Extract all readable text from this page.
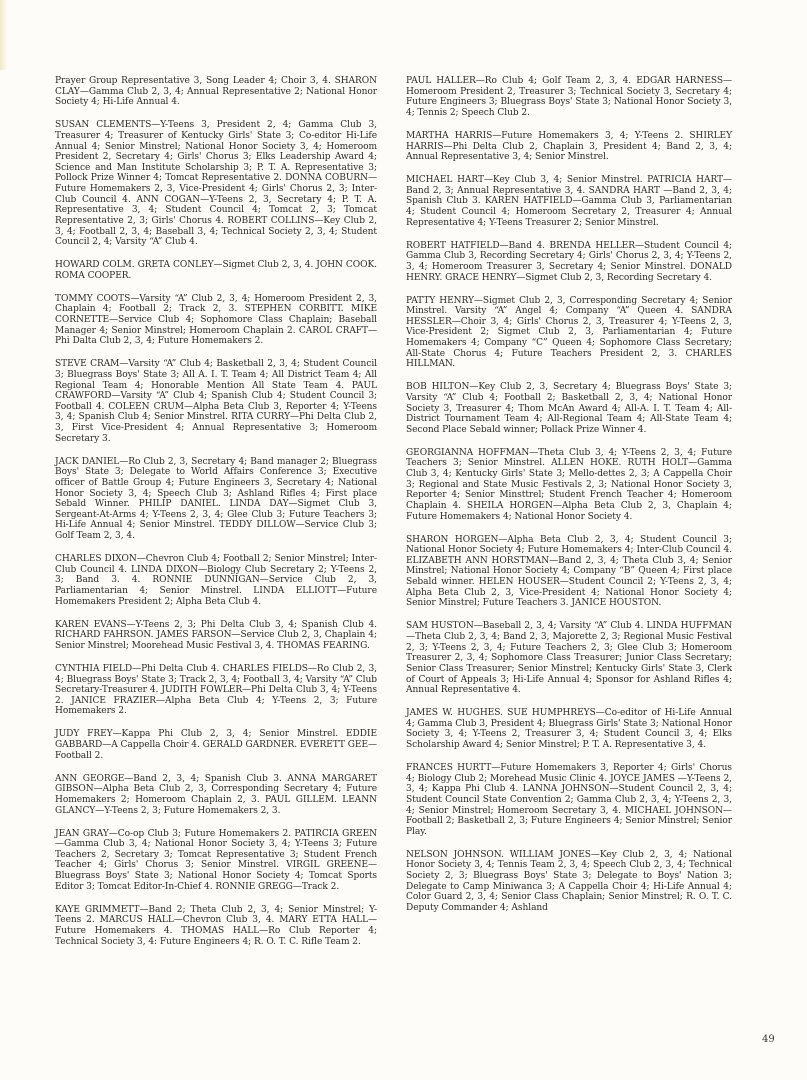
Prayer Group Representative 3, Song Leader 4; Choir 3, 4. SHARON CLAY—Gamma Club 2, 3, 4; Annual Representative 2; National Honor Society 4; Hi-Life Annual 4.

SUSAN CLEMENTS—Y-Teens 3, President 2, 4; Gamma Club 3, Treasurer 4; Treasurer of Kentucky Girls' State 3; Co-editor Hi-Life Annual 4; Senior Minstrel; National Honor Society 3, 4; Homeroom President 2, Secretary 4; Girls' Chorus 3; Elks Leadership Award 4; Science and Man Institute Scholarship 3; P. T. A. Representative 3; Pollock Prize Winner 4; Tomcat Representative 2. DONNA COBURN—Future Homemakers 2, 3, Vice-President 4; Girls' Chorus 2, 3; Inter-Club Council 4. ANN COGAN—Y-Teens 2, 3, Secretary 4; P. T. A. Representative 3, 4; Student Council 4; Tomcat 2, 3; Tomcat Representative 2, 3; Girls' Chorus 4. ROBERT COLLINS—Key Club 2, 3, 4; Football 2, 3, 4; Baseball 3, 4; Technical Society 2, 3, 4; Student Council 2, 4; Varsity “A” Club 4.

HOWARD COLM. GRETA CONLEY—Sigmet Club 2, 3, 4. JOHN COOK. ROMA COOPER.

TOMMY COOTS—Varsity “A” Club 2, 3, 4; Homeroom President 2, 3, Chaplain 4; Football 2; Track 2, 3. STEPHEN CORBITT. MIKE CORNETTE—Service Club 4; Sophomore Class Chaplain; Baseball Manager 4; Senior Minstrel; Homeroom Chaplain 2. CAROL CRAFT—Phi Dalta Club 2, 3, 4; Future Homemakers 2.

STEVE CRAM—Varsity “A” Club 4; Basketball 2, 3, 4; Student Council 3; Bluegrass Boys' State 3; All A. I. T. Team 4; All District Team 4; All Regional Team 4; Honorable Mention All State Team 4. PAUL CRAWFORD—Varsity “A” Club 4; Spanish Club 4; Student Council 3; Football 4. COLEEN CRUM—Alpha Beta Club 3, Reporter 4; Y-Teens 3, 4; Spanish Club 4; Senior Minstrel. RITA CURRY—Phi Delta Club 2, 3, First Vice-President 4; Annual Representative 3; Homeroom Secretary 3.

JACK DANIEL—Ro Club 2, 3, Secretary 4; Band manager 2; Bluegrass Boys' State 3; Delegate to World Affairs Conference 3; Executive officer of Battle Group 4; Future Engineers 3, Secretary 4; National Honor Society 3, 4; Speech Club 3; Ashland Rifles 4; First place Sebald Winner. PHILIP DANIEL. LINDA DAY—Sigmet Club 3, Sergeant-At-Arms 4; Y-Teens 2, 3, 4; Glee Club 3; Future Teachers 3; Hi-Life Annual 4; Senior Minstrel. TEDDY DILLOW—Service Club 3; Golf Team 2, 3, 4.

CHARLES DIXON—Chevron Club 4; Football 2; Senior Minstrel; Inter-Club Council 4. LINDA DIXON—Biology Club Secretary 2; Y-Teens 2, 3; Band 3. 4. RONNIE DUNNIGAN—Service Club 2, 3, Parliamentarian 4; Senior Minstrel. LINDA ELLIOTT—Future Homemakers President 2; Alpha Beta Club 4.

KAREN EVANS—Y-Teens 2, 3; Phi Delta Club 3, 4; Spanish Club 4. RICHARD FAHRSON. JAMES FARSON—Service Club 2, 3, Chaplain 4; Senior Minstrel; Moorehead Music Festival 3, 4. THOMAS FEARING.

CYNTHIA FIELD—Phi Delta Club 4. CHARLES FIELDS—Ro Club 2, 3, 4; Bluegrass Boys' State 3; Track 2, 3, 4; Football 3, 4; Varsity “A” Club Secretary-Treasurer 4. JUDITH FOWLER—Phi Delta Club 3, 4; Y-Teens 2. JANICE FRAZIER—Alpha Beta Club 4; Y-Teens 2, 3; Future Homemakers 2.

JUDY FREY—Kappa Phi Club 2, 3, 4; Senior Minstrel. EDDIE GABBARD—A Cappella Choir 4. GERALD GARDNER. EVERETT GEE—Football 2.

ANN GEORGE—Band 2, 3, 4; Spanish Club 3. ANNA MARGARET GIBSON—Alpha Beta Club 2, 3, Corresponding Secretary 4; Future Homemakers 2; Homeroom Chaplain 2, 3. PAUL GILLEM. LEANN GLANCY—Y-Teens 2, 3; Future Homemakers 2, 3.

JEAN GRAY—Co-op Club 3; Future Homemakers 2. PATIRCIA GREEN—Gamma Club 3, 4; National Honor Society 3, 4; Y-Teens 3; Future Teachers 2, Secretary 3; Tomcat Representative 3; Student French Teacher 4; Girls' Chorus 3; Senior Minstrel. VIRGIL GREENE—Bluegrass Boys' State 3; National Honor Society 4; Tomcat Sports Editor 3; Tomcat Editor-In-Chief 4. RONNIE GREGG—Track 2.

KAYE GRIMMETT—Band 2; Theta Club 2, 3, 4; Senior Minstrel; Y-Teens 2. MARCUS HALL—Chevron Club 3, 4. MARY ETTA HALL—Future Homemakers 4. THOMAS HALL—Ro Club Reporter 4; Technical Society 3, 4: Future Engineers 4; R. O. T. C. Rifle Team 2.

PAUL HALLER—Ro Club 4; Golf Team 2, 3, 4. EDGAR HARNESS—Homeroom President 2, Treasurer 3; Technical Society 3, Secretary 4; Future Engineers 3; Bluegrass Boys' State 3; National Honor Society 3, 4; Tennis 2; Speech Club 2.

MARTHA HARRIS—Future Homemakers 3, 4; Y-Teens 2. SHIRLEY HARRIS—Phi Delta Club 2, Chaplain 3, President 4; Band 2, 3, 4; Annual Representative 3, 4; Senior Minstrel.

MICHAEL HART—Key Club 3, 4; Senior Minstrel. PATRICIA HART—Band 2, 3; Annual Representative 3, 4. SANDRA HART —Band 2, 3, 4; Spanish Club 3. KAREN HATFIELD—Gamma Club 3, Parliamentarian 4; Student Council 4; Homeroom Secretary 2, Treasurer 4; Annual Representative 4; Y-Teens Treasurer 2; Senior Minstrel.

ROBERT HATFIELD—Band 4. BRENDA HELLER—Student Council 4; Gamma Club 3, Recording Secretary 4; Girls' Chorus 2, 3, 4; Y-Teens 2, 3, 4; Homeroom Treasurer 3, Secretary 4; Senior Minstrel. DONALD HENRY. GRACE HENRY—Sigmet Club 2, 3, Recording Secretary 4.

PATTY HENRY—Sigmet Club 2, 3, Corresponding Secretary 4; Senior Minstrel. Varsity “A” Angel 4; Company “A” Queen 4. SANDRA HESSLER—Choir 3, 4; Girls' Chorus 2, 3, Treasurer 4; Y-Teens 2, 3, Vice-President 2; Sigmet Club 2, 3, Parliamentarian 4; Future Homemakers 4; Company “C” Queen 4; Sophomore Class Secretary; All-State Chorus 4; Future Teachers President 2, 3. CHARLES HILLMAN.

BOB HILTON—Key Club 2, 3, Secretary 4; Bluegrass Boys' State 3; Varsity “A” Club 4; Football 2; Basketball 2, 3, 4; National Honor Society 3, Treasurer 4; Thom McAn Award 4; All-A. I. T. Team 4; All-District Tournament Team 4; All-Regional Team 4; All-State Team 4; Second Place Sebald winner; Pollack Prize Winner 4.

GEORGIANNA HOFFMAN—Theta Club 3, 4; Y-Teens 2, 3, 4; Future Teachers 3; Senior Minstrel. ALLEN HOKE. RUTH HOLT—Gamma Club 3, 4; Kentucky Girls' State 3; Mello-dettes 2, 3; A Cappella Choir 3; Regional and State Music Festivals 2, 3; National Honor Society 3, Reporter 4; Senior Minsttrel; Student French Teacher 4; Homeroom Chaplain 4. SHEILA HORGEN—Alpha Beta Club 2, 3, Chaplain 4; Future Homemakers 4; National Honor Society 4.

SHARON HORGEN—Alpha Beta Club 2, 3, 4; Student Council 3; National Honor Society 4; Future Homemakers 4; Inter-Club Council 4. ELIZABETH ANN HORSTMAN—Band 2, 3, 4; Theta Club 3, 4; Senior Minstrel; National Honor Society 4; Company “B” Queen 4; First place Sebald winner. HELEN HOUSER—Student Council 2; Y-Teens 2, 3, 4; Alpha Beta Club 2, 3, Vice-President 4; National Honor Society 4; Senior Minstrel; Future Teachers 3. JANICE HOUSTON.

SAM HUSTON—Baseball 2, 3, 4; Varsity “A” Club 4. LINDA HUFFMAN—Theta Club 2, 3, 4; Band 2, 3, Majorette 2, 3; Regional Music Festival 2, 3; Y-Teens 2, 3, 4; Future Teachers 2, 3; Glee Club 3; Homeroom Treasurer 2, 3, 4; Sophomore Class Treasurer; Junior Class Secretary; Senior Class Treasurer; Senior Minstrel; Kentucky Girls' State 3, Clerk of Court of Appeals 3; Hi-Life Annual 4; Sponsor for Ashland Rifles 4; Annual Representative 4.

JAMES W. HUGHES. SUE HUMPHREYS—Co-editor of Hi-Life Annual 4; Gamma Club 3, President 4; Bluegrass Girls' State 3; National Honor Society 3, 4; Y-Teens 2, Treasurer 3, 4; Student Council 3, 4; Elks Scholarship Award 4; Senior Minstrel; P. T. A. Representative 3, 4.

FRANCES HURTT—Future Homemakers 3, Reporter 4; Girls' Chorus 4; Biology Club 2; Morehead Music Clinic 4. JOYCE JAMES —Y-Teens 2, 3, 4; Kappa Phi Club 4. LANNA JOHNSON—Student Council 2, 3, 4; Student Council State Convention 2; Gamma Club 2, 3, 4; Y-Teens 2, 3, 4; Senior Minstrel; Homeroom Secretary 3, 4. MICHAEL JOHNSON—Football 2; Basketball 2, 3; Future Engineers 4; Senior Minstrel; Senior Play.

NELSON JOHNSON. WILLIAM JONES—Key Club 2, 3, 4; National Honor Society 3, 4; Tennis Team 2, 3, 4; Speech Club 2, 3, 4; Technical Society 2, 3; Bluegrass Boys' State 3; Delegate to Boys' Nation 3; Delegate to Camp Miniwanca 3; A Cappella Choir 4; Hi-Life Annual 4; Color Guard 2, 3, 4; Senior Class Chaplain; Senior Minstrel; R. O. T. C. Deputy Commander 4; Ashland

49
